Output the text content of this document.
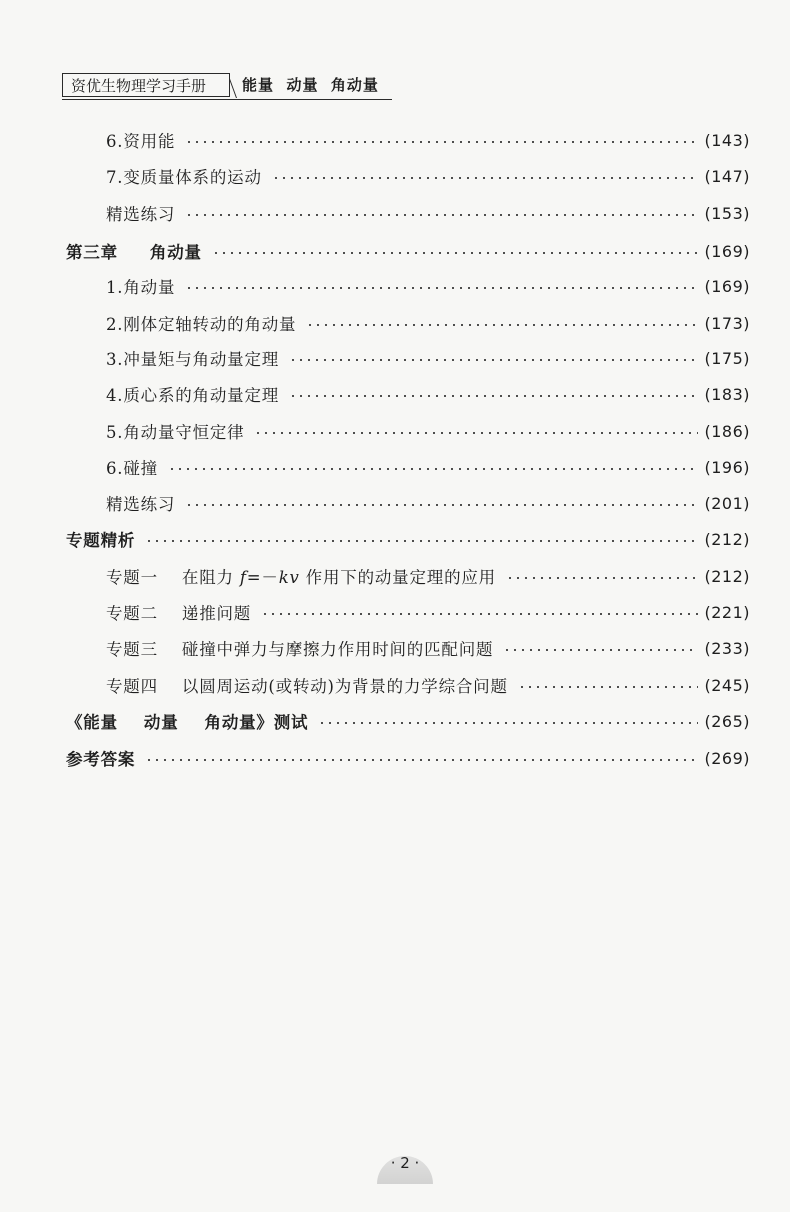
资优生物理学习手册	能量  动量  角动量
6.资用能	(143)
7.变质量体系的运动	(147)
精选练习	(153)
第三章 角动量	(169)
1.角动量	(169)
2.刚体定轴转动的角动量	(173)
3.冲量矩与角动量定理	(175)
4.质心系的角动量定理	(183)
5.角动量守恒定律	(186)
6.碰撞	(196)
精选练习	(201)
专题精析	(212)
专题一 在阻力 f=－kv 作用下的动量定理的应用	(212)
专题二 递推问题	(221)
专题三 碰撞中弹力与摩擦力作用时间的匹配问题	(233)
专题四 以圆周运动(或转动)为背景的力学综合问题	(245)
《能量 动量 角动量》测试	(265)
参考答案	(269)
· 2 ·
